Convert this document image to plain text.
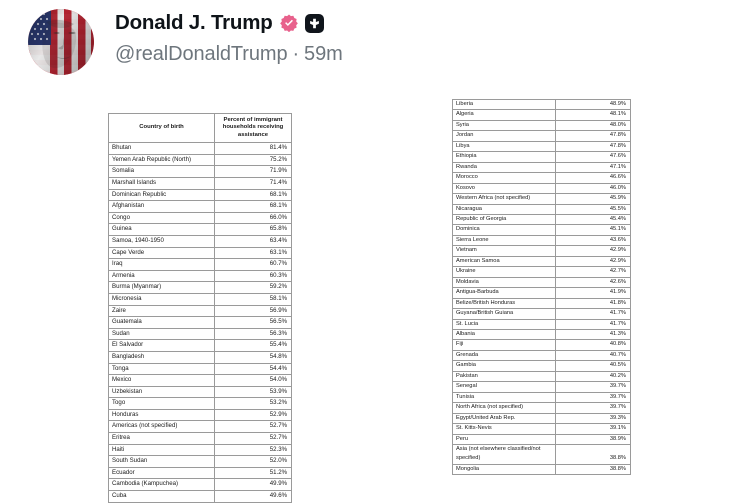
Donald J. Trump
@realDonaldTrump · 59m
Country of birth	Percent of immigrant households receiving assistance
Bhutan	81.4%
Yemen Arab Republic (North)	75.2%
Somalia	71.9%
Marshall Islands	71.4%
Dominican Republic	68.1%
Afghanistan	68.1%
Congo	66.0%
Guinea	65.8%
Samoa, 1940-1950	63.4%
Cape Verde	63.1%
Iraq	60.7%
Armenia	60.3%
Burma (Myanmar)	59.2%
Micronesia	58.1%
Zaire	56.9%
Guatemala	56.5%
Sudan	56.3%
El Salvador	55.4%
Bangladesh	54.8%
Tonga	54.4%
Mexico	54.0%
Uzbekistan	53.9%
Togo	53.2%
Honduras	52.9%
Americas (not specified)	52.7%
Eritrea	52.7%
Haiti	52.3%
South Sudan	52.0%
Ecuador	51.2%
Cambodia (Kampuchea)	49.9%
Cuba	49.6%
Liberia	48.9%
Algeria	48.1%
Syria	48.0%
Jordan	47.8%
Libya	47.8%
Ethiopia	47.6%
Rwanda	47.1%
Morocco	46.6%
Kosovo	46.0%
Western Africa (not specified)	45.9%
Nicaragua	45.5%
Republic of Georgia	45.4%
Dominica	45.1%
Sierra Leone	43.6%
Vietnam	42.9%
American Samoa	42.9%
Ukraine	42.7%
Moldavia	42.6%
Antigua-Barbuda	41.9%
Belize/British Honduras	41.8%
Guyana/British Guiana	41.7%
St. Lucia	41.7%
Albania	41.3%
Fiji	40.8%
Grenada	40.7%
Gambia	40.5%
Pakistan	40.2%
Senegal	39.7%
Tunisia	39.7%
North Africa (not specified)	39.7%
Egypt/United Arab Rep.	39.3%
St. Kitts-Nevis	39.1%
Peru	38.9%
Asia (not elsewhere classified/not specified)	38.8%
Mongolia	38.8%
